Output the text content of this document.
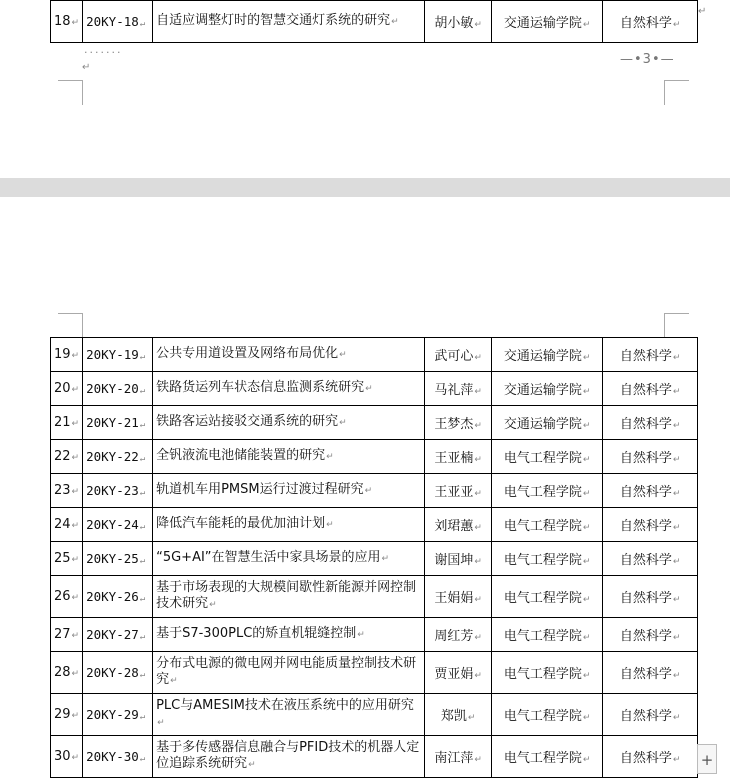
18↵	20KY-18↵	自适应调整灯时的智慧交通灯系统的研究↵	胡小敏↵	交通运输学院↵	自然科学↵
↵
·······
↵
—•3•—
19↵	20KY-19↵	公共专用道设置及网络布局优化↵	武可心↵	交通运输学院↵	自然科学↵
20↵	20KY-20↵	铁路货运列车状态信息监测系统研究↵	马礼萍↵	交通运输学院↵	自然科学↵
21↵	20KY-21↵	铁路客运站接驳交通系统的研究↵	王梦杰↵	交通运输学院↵	自然科学↵
22↵	20KY-22↵	全钒液流电池储能装置的研究↵	王亚楠↵	电气工程学院↵	自然科学↵
23↵	20KY-23↵	轨道机车用PMSM运行过渡过程研究↵	王亚亚↵	电气工程学院↵	自然科学↵
24↵	20KY-24↵	降低汽车能耗的最优加油计划↵	刘珺蕙↵	电气工程学院↵	自然科学↵
25↵	20KY-25↵	“5G+AI”在智慧生活中家具场景的应用↵	谢国坤↵	电气工程学院↵	自然科学↵
26↵	20KY-26↵	基于市场表现的大规模间歇性新能源并网控制技术研究↵	王娟娟↵	电气工程学院↵	自然科学↵
27↵	20KY-27↵	基于S7-300PLC的矫直机辊缝控制↵	周红芳↵	电气工程学院↵	自然科学↵
28↵	20KY-28↵	分布式电源的微电网并网电能质量控制技术研究↵	贾亚娟↵	电气工程学院↵	自然科学↵
29↵	20KY-29↵	PLC与AMESIM技术在液压系统中的应用研究↵	郑凯↵	电气工程学院↵	自然科学↵
30↵	20KY-30↵	基于多传感器信息融合与PFID技术的机器人定位追踪系统研究↵	南江萍↵	电气工程学院↵	自然科学↵ +
